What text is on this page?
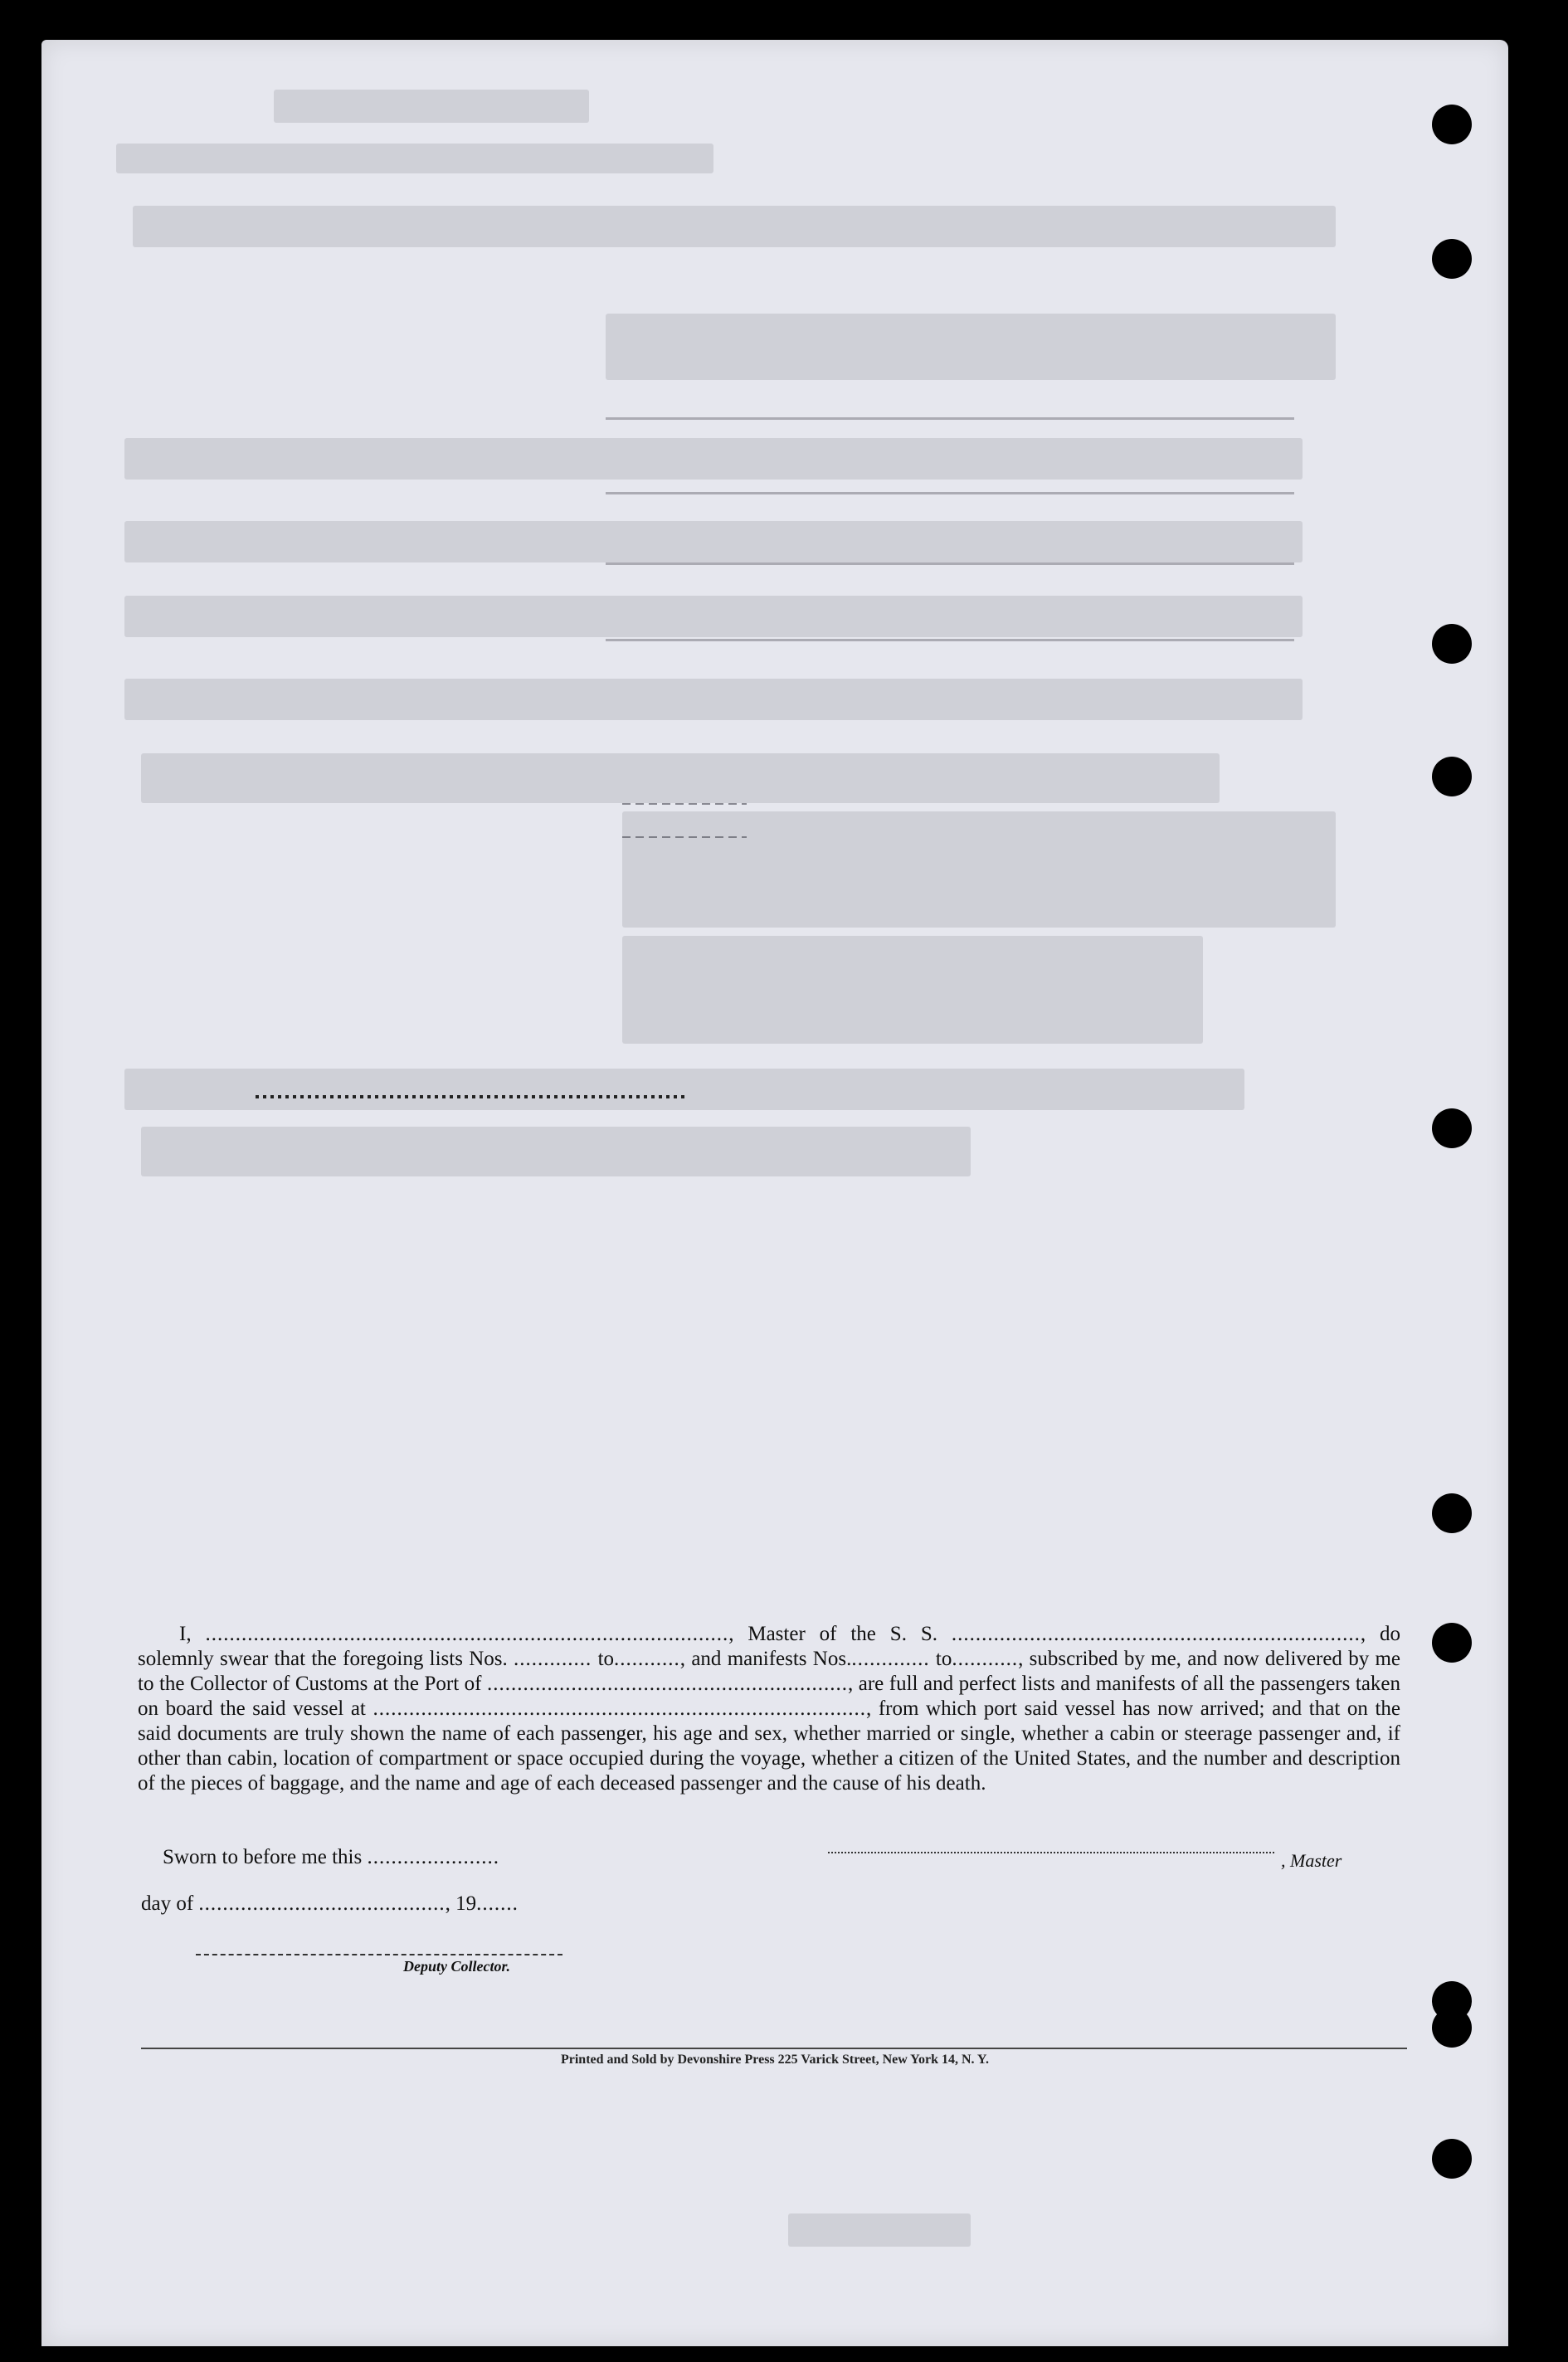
I, ......................................................................................., Master of the S. S. ...................................................................., do solemnly swear that the foregoing lists Nos. ............. to..........., and manifests Nos.............. to..........., subscribed by me, and now delivered by me to the Collector of Customs at the Port of ............................................................, are full and perfect lists and manifests of all the passengers taken on board the said vessel at .................................................................................., from which port said vessel has now arrived; and that on the said documents are truly shown the name of each passenger, his age and sex, whether married or single, whether a cabin or steerage passenger and, if other than cabin, location of compartment or space occupied during the voyage, whether a citizen of the United States, and the number and description of the pieces of baggage, and the name and age of each deceased passenger and the cause of his death.

Sworn to before me this ......................	, Master
day of ........................................., 19.......
Deputy Collector.
Printed and Sold by Devonshire Press 225 Varick Street, New York 14, N. Y.
